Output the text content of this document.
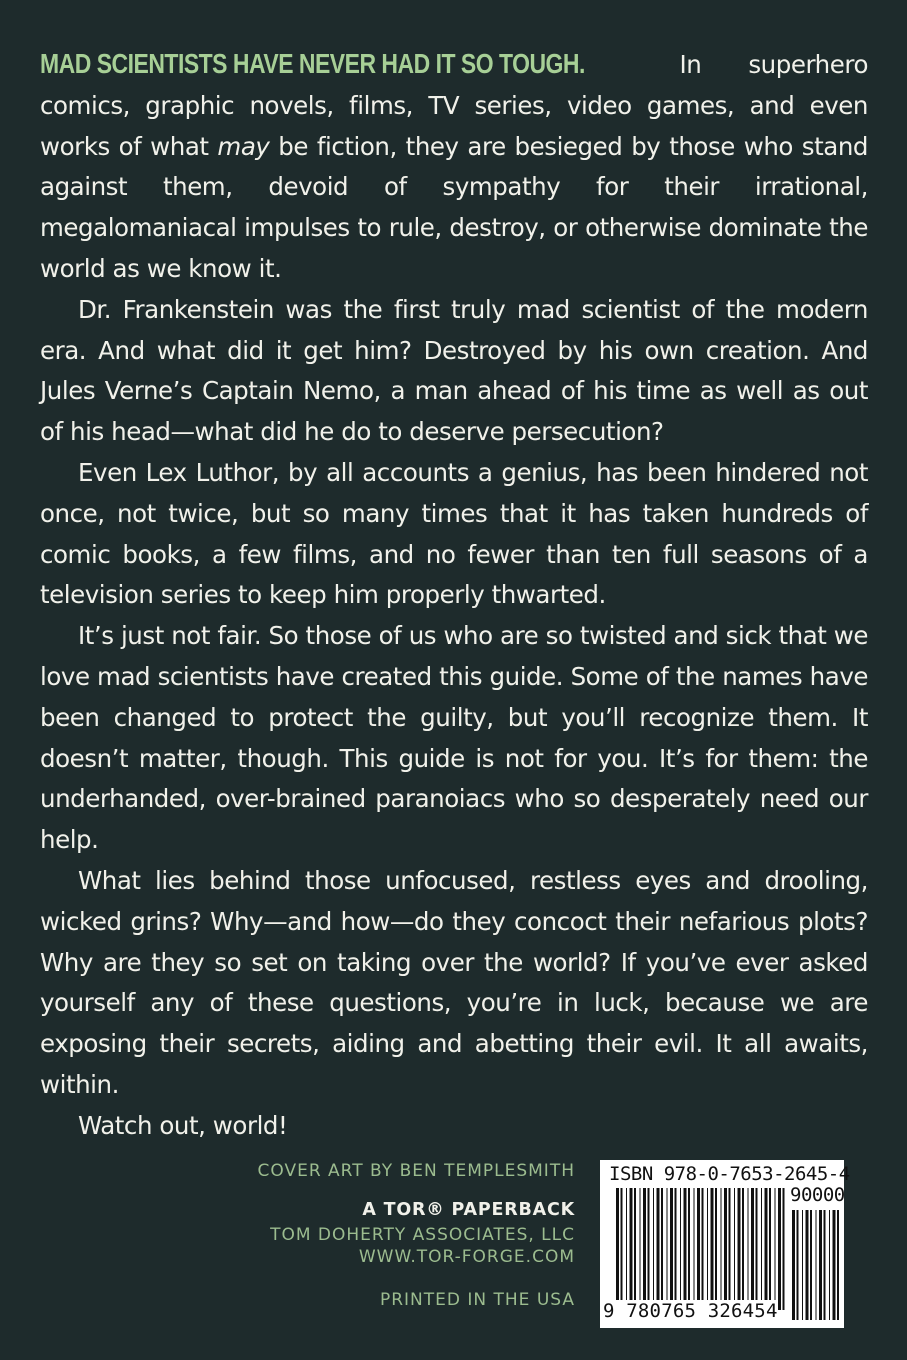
MAD SCIENTISTS HAVE NEVER HAD IT SO TOUGH. In superhero comics, graphic novels, films, TV series, video games, and even works of what may be fiction, they are besieged by those who stand against them, devoid of sympathy for their irrational, megalomaniacal impulses to rule, destroy, or otherwise dominate the world as we know it.

Dr. Frankenstein was the first truly mad scientist of the modern era. And what did it get him? Destroyed by his own creation. And Jules Verne’s Captain Nemo, a man ahead of his time as well as out of his head—what did he do to deserve persecution?

Even Lex Luthor, by all accounts a genius, has been hindered not once, not twice, but so many times that it has taken hundreds of comic books, a few films, and no fewer than ten full seasons of a television series to keep him properly thwarted.

It’s just not fair. So those of us who are so twisted and sick that we love mad scientists have created this guide. Some of the names have been changed to protect the guilty, but you’ll recognize them. It doesn’t matter, though. This guide is not for you. It’s for them: the underhanded, over-brained paranoiacs who so desperately need our help.

What lies behind those unfocused, restless eyes and drooling, wicked grins? Why—and how—do they concoct their nefarious plots? Why are they so set on taking over the world? If you’ve ever asked yourself any of these questions, you’re in luck, because we are exposing their secrets, aiding and abetting their evil. It all awaits, within.

Watch out, world!

COVER ART BY BEN TEMPLESMITH
A TOR® PAPERBACK
TOM DOHERTY ASSOCIATES, LLC
WWW.TOR-FORGE.COM
PRINTED IN THE USA
ISBN 978-0-7653-2645-4
90000
9 780765 326454
